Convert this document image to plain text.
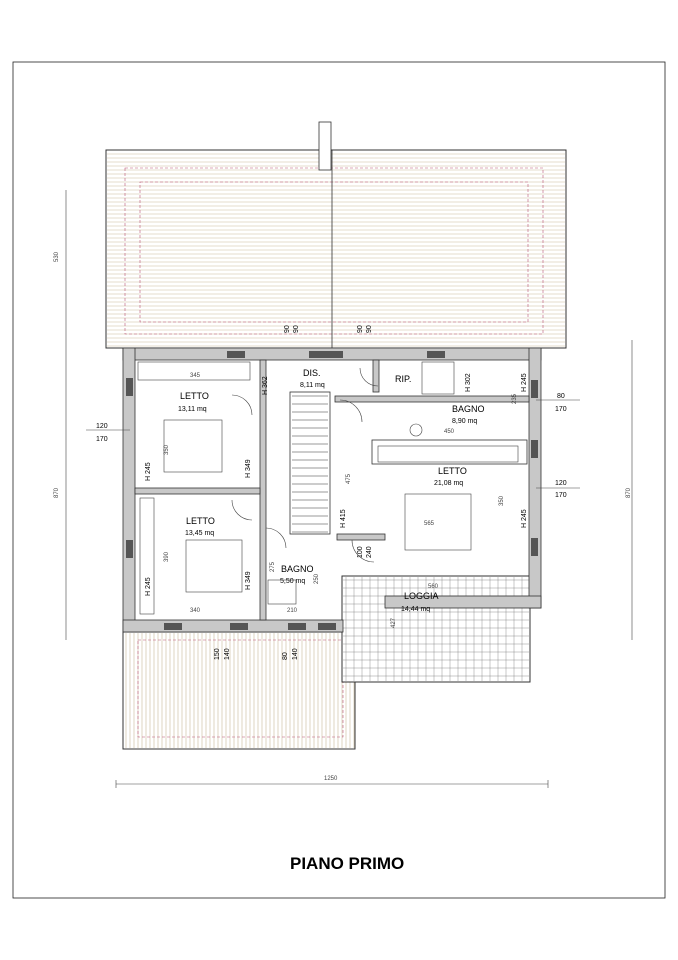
LETTO
13,11 mq
LETTO
13,45 mq
DIS.
8,11 mq
RIP.
BAGNO
8,90 mq
LETTO
21,08 mq
BAGNO
5,50 mq
LOGGIA
14,44 mq
1250
530
870	870
90 90	90 90
120
170
80
170
120
170
150 140	80 140
100 240
H 362	H 302	H 245
H 245
H 245
H 245
H 349
H 349
H 415
345
350
450
235
475
350
565
390
275
250
340	210
560
427
PIANO PRIMO
